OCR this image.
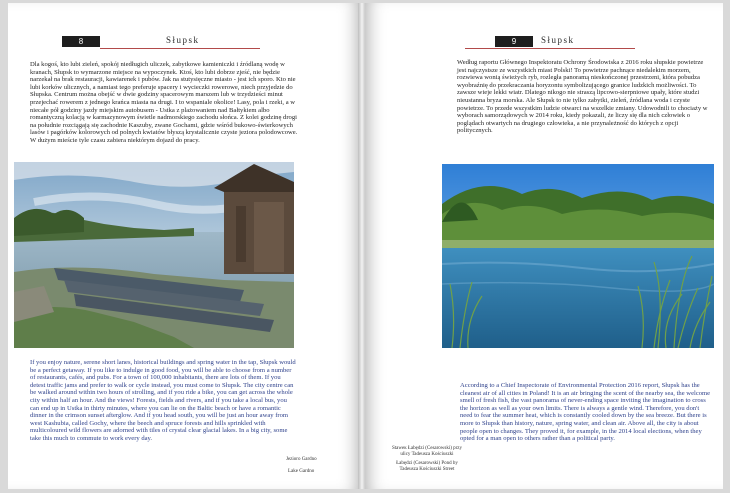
8	Słupsk

Dla kogoś, kto lubi zieleń, spokój niedługich uliczek, zabytkowe kamieniczki i źródlaną wodę w kranach, Słupsk to wymarzone miejsce na wypoczynek. Ktoś, kto lubi dobrze zjeść, nie będzie narzekał na brak restauracji, kawiarenek i pubów. Jak na stutysięczne miasto - jest ich sporo. Kto nie lubi korków ulicznych, a namiast tego preferuje spacery i wycieczki rowerowe, niech przyjedzie do Słupska. Centrum można obejść w dwie godziny spacerowym marszem lub w trzydzieści minut przejechać rowerem z jednego krańca miasta na drugi. I to wspaniale okolice! Lasy, pola i rzeki, a w niecałe pół godziny jazdy miejskim autobusem - Ustka z plażowaniem nad Bałtykiem albo romantyczną kolacją w karmazynowym świetle nadmorskiego zachodu słońca. Z kolei godzinę drogi na południe rozciągają się zachodnie Kaszuby, zwane Gochami, gdzie wśród bukowo-świerkowych lasów i pagórków kolorowych od polnych kwiatów błyszą krystalicznie czyste jeziora polodowcowe. W dużym mieście tyle czasu zabiera niektórym dojazd do pracy.

If you enjoy nature, serene short lanes, historical buildings and spring water in the tap, Słupsk would be a perfect getaway. If you like to indulge in good food, you will be able to choose from a number of restaurants, cafés, and pubs. For a town of 100,000 inhabitants, there are lots of them. If you detest traffic jams and prefer to walk or cycle instead, you must come to Słupsk. The city centre can be walked around within two hours of strolling, and if you ride a bike, you can get across the whole city within half an hour. And the views! Forests, fields and rivers, and if you take a local bus, you can end up in Ustka in thirty minutes, where you can lie on the Baltic beach or have a romantic dinner in the crimson sunset afterglow. And if you head south, you will be just an hour away from west Kashubia, called Gochy, where the beech and spruce forests and hills sprinkled with multicoloured wild flowers are adorned with tiles of crystal clear glacial lakes. In a big city, some take this much to commute to work every day.

Jezioro Gardno
Lake Gardno
9	Słupsk

Według raportu Głównego Inspektoratu Ochrony Środowiska z 2016 roku słupskie powietrze jest najczystsze ze wszystkich miast Polski! To powietrze pachnące niedalekim morzem, rozwiewa wonią świeżych ryb, rozległa panoramą nieskończonej przestrzeni, która pobudza wyobraźnię do przekraczania horyzontu symbolizującego granice ludzkich możliwości. To zawsze wieje lekki wiatr. Dlatego nikogo nie straszą lipcowo-sierpniowe upały, które studzi nieustanna bryza morska. Ale Słupsk to nie tylko zabytki, zieleń, źródlana woda i czyste powietrze. To przede wszystkim ludzie otwarci na wszelkie zmiany. Udowodnili to chociaży w wyborach samorządowych w 2014 roku, kiedy pokazali, że liczy się dla nich człowiek o poglądach otwartych na drugiego człowieka, a nie przynależność do których z opcji politycznych.

According to a Chief Inspectorate of Environmental Protection 2016 report, Słupsk has the cleanest air of all cities in Poland! It is an air bringing the scent of the nearby sea, the welcome smell of fresh fish, the vast panorama of never-ending space inviting the imagination to cross the horizon as well as your own limits. There is always a gentle wind. Therefore, you don't need to fear the summer heat, which is constantly cooled down by the sea breeze. But there is more to Słupsk than history, nature, spring water, and clean air. Above all, the city is about people open to changes. They proved it, for example, in the 2014 local elections, when they opted for a man open to others rather than a political party.

Staweк Łabędzi (Cesarowski) przy ulicy Tadeusza Kościuszki
Łabędzi (Cesarowski) Pond by Tadeusza Kościuszki Street
